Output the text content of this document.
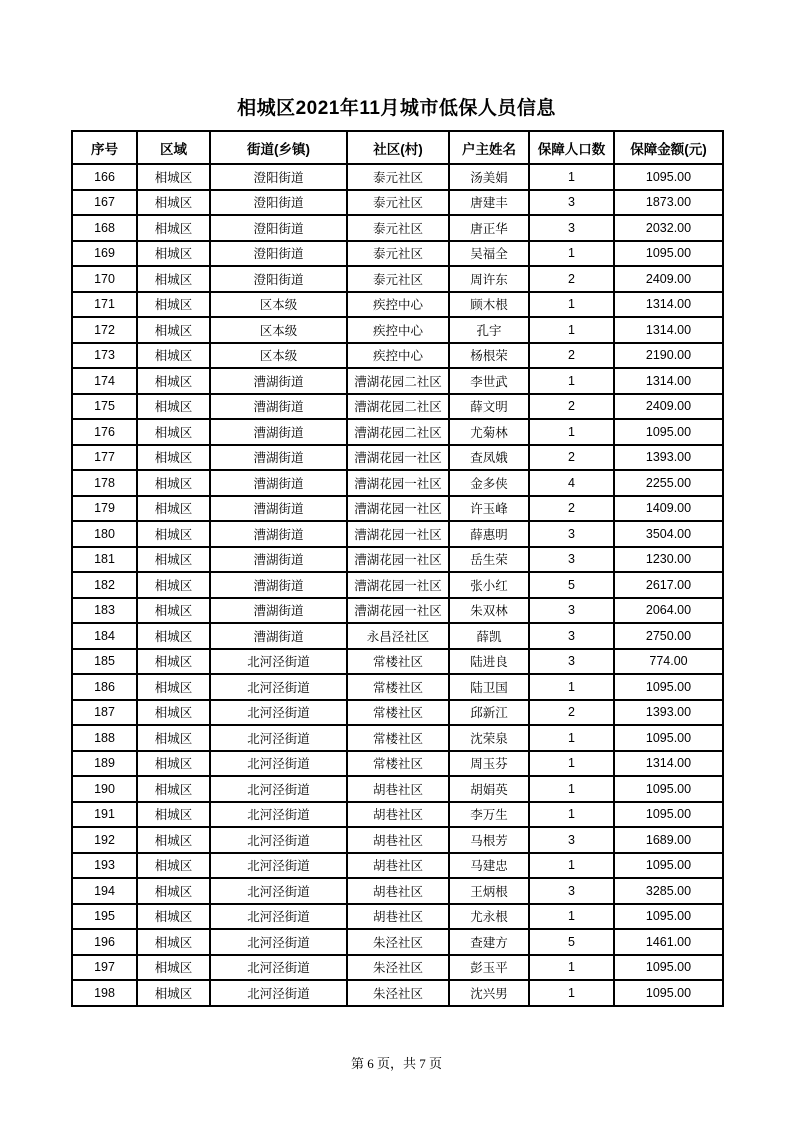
相城区2021年11月城市低保人员信息
序号	区域	街道(乡镇)	社区(村)	户主姓名	保障人口数	保障金额(元)
166	相城区	澄阳街道	泰元社区	汤美娟	1	1095.00
167	相城区	澄阳街道	泰元社区	唐建丰	3	1873.00
168	相城区	澄阳街道	泰元社区	唐正华	3	2032.00
169	相城区	澄阳街道	泰元社区	吴福全	1	1095.00
170	相城区	澄阳街道	泰元社区	周许东	2	2409.00
171	相城区	区本级	疾控中心	顾木根	1	1314.00
172	相城区	区本级	疾控中心	孔宇	1	1314.00
173	相城区	区本级	疾控中心	杨根荣	2	2190.00
174	相城区	漕湖街道	漕湖花园二社区	李世武	1	1314.00
175	相城区	漕湖街道	漕湖花园二社区	薛文明	2	2409.00
176	相城区	漕湖街道	漕湖花园二社区	尤菊林	1	1095.00
177	相城区	漕湖街道	漕湖花园一社区	查凤娥	2	1393.00
178	相城区	漕湖街道	漕湖花园一社区	金多侠	4	2255.00
179	相城区	漕湖街道	漕湖花园一社区	许玉峰	2	1409.00
180	相城区	漕湖街道	漕湖花园一社区	薛惠明	3	3504.00
181	相城区	漕湖街道	漕湖花园一社区	岳生荣	3	1230.00
182	相城区	漕湖街道	漕湖花园一社区	张小红	5	2617.00
183	相城区	漕湖街道	漕湖花园一社区	朱双林	3	2064.00
184	相城区	漕湖街道	永昌泾社区	薛凯	3	2750.00
185	相城区	北河泾街道	常楼社区	陆进良	3	774.00
186	相城区	北河泾街道	常楼社区	陆卫国	1	1095.00
187	相城区	北河泾街道	常楼社区	邱新江	2	1393.00
188	相城区	北河泾街道	常楼社区	沈荣泉	1	1095.00
189	相城区	北河泾街道	常楼社区	周玉芬	1	1314.00
190	相城区	北河泾街道	胡巷社区	胡娟英	1	1095.00
191	相城区	北河泾街道	胡巷社区	李万生	1	1095.00
192	相城区	北河泾街道	胡巷社区	马根芳	3	1689.00
193	相城区	北河泾街道	胡巷社区	马建忠	1	1095.00
194	相城区	北河泾街道	胡巷社区	王炳根	3	3285.00
195	相城区	北河泾街道	胡巷社区	尤永根	1	1095.00
196	相城区	北河泾街道	朱泾社区	查建方	5	1461.00
197	相城区	北河泾街道	朱泾社区	彭玉平	1	1095.00
198	相城区	北河泾街道	朱泾社区	沈兴男	1	1095.00
第 6 页，共 7 页
